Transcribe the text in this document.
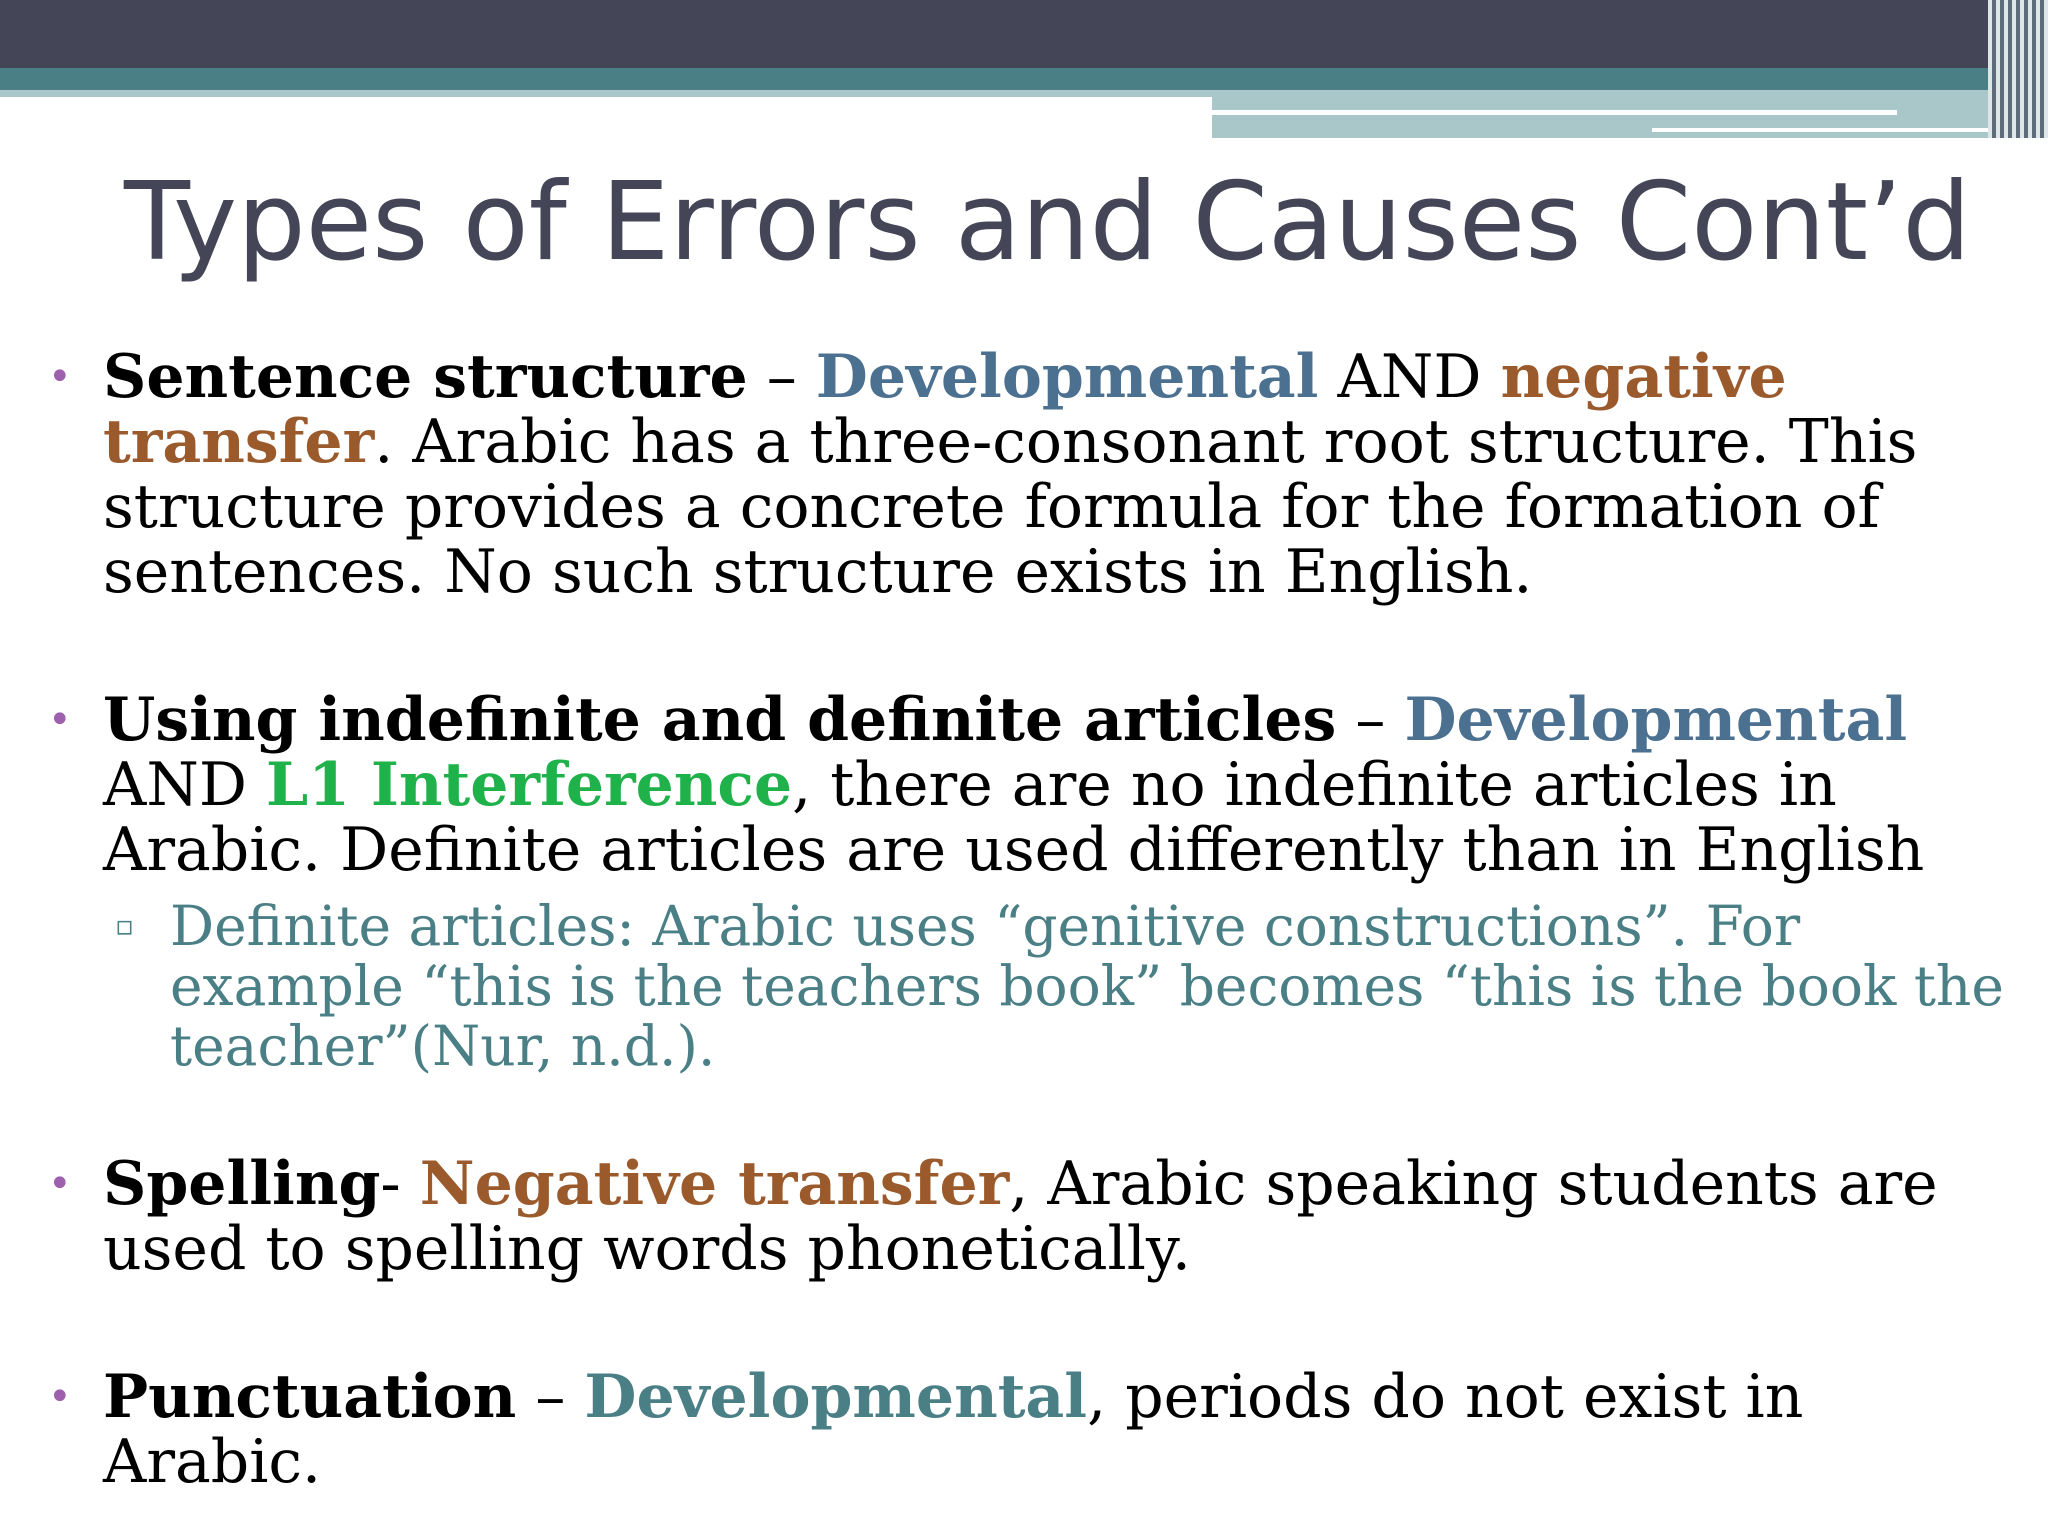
Types of Errors and Causes Cont’d

• Sentence structure – Developmental AND negative transfer. Arabic has a three-consonant root structure. This structure provides a concrete formula for the formation of sentences. No such structure exists in English.

• Using indefinite and definite articles – Developmental AND L1 Interference, there are no indefinite articles in Arabic. Definite articles are used differently than in English

▫ Definite articles: Arabic uses “genitive constructions”. For example “this is the teachers book” becomes “this is the book the teacher”(Nur, n.d.).

• Spelling- Negative transfer, Arabic speaking students are used to spelling words phonetically.

• Punctuation – Developmental, periods do not exist in Arabic.
